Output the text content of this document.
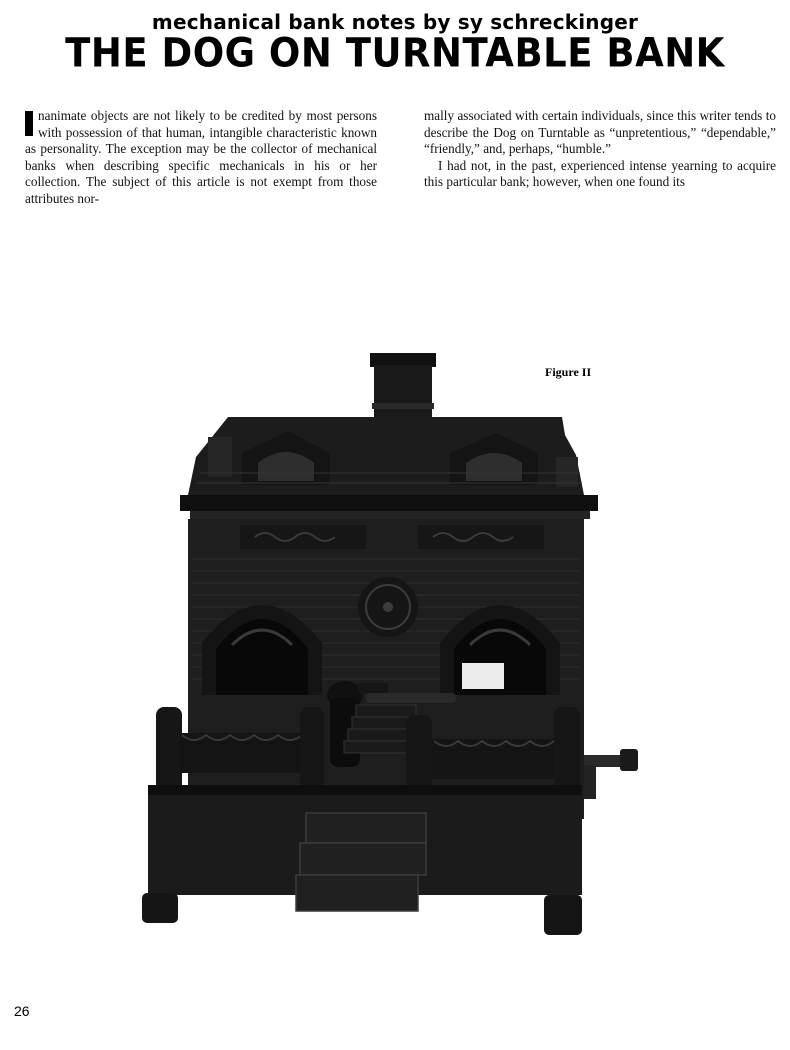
mechanical bank notes by sy schreckinger
THE DOG ON TURNTABLE BANK

nanimate objects are not likely to be credited by most persons with possession of that human, intangible characteristic known as personality. The exception may be the collector of mechanical banks when describing specific mechanicals in his or her collection. The subject of this article is not exempt from those attributes nor-

mally associated with certain individuals, since this writer tends to describe the Dog on Turntable as “unpretentious,” “dependable,” “friendly,” and, perhaps, “humble.”

I had not, in the past, experienced intense yearning to acquire this particular bank; however, when one found its

Figure II
26
